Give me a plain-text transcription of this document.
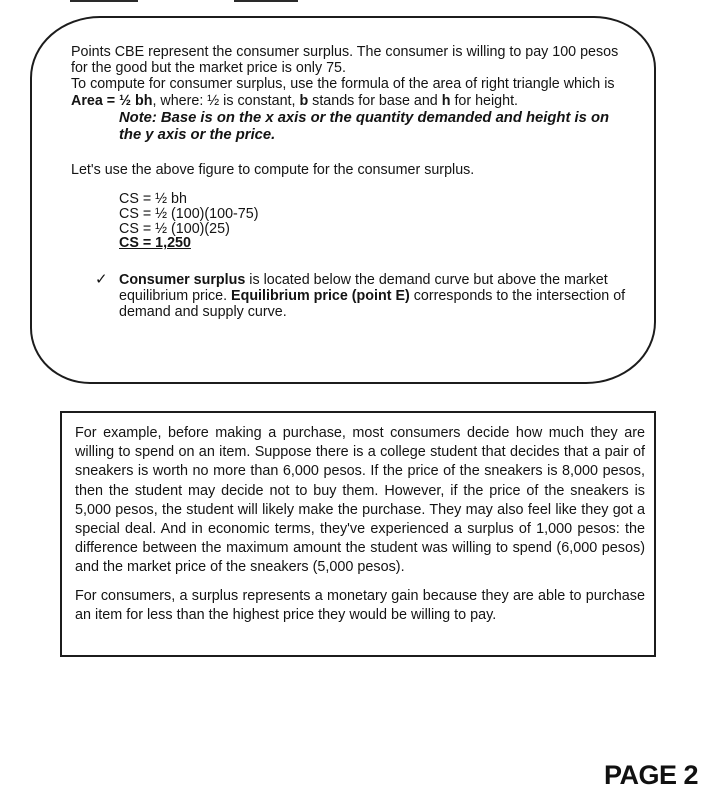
Points CBE represent the consumer surplus. The consumer is willing to pay 100 pesos for the good but the market price is only 75.

To compute for consumer surplus, use the formula of the area of right triangle which is

Area = ½ bh, where: ½ is constant, b stands for base and h for height.

Note: Base is on the x axis or the quantity demanded and height is on the y axis or the price.

Let's use the above figure to compute for the consumer surplus.

CS = ½ bh
CS = ½ (100)(100-75)
CS = ½ (100)(25)
CS = 1,250
✓ Consumer surplus is located below the demand curve but above the market equilibrium price. Equilibrium price (point E) corresponds to the intersection of demand and supply curve.

For example, before making a purchase, most consumers decide how much they are willing to spend on an item. Suppose there is a college student that decides that a pair of sneakers is worth no more than 6,000 pesos. If the price of the sneakers is 8,000 pesos, then the student may decide not to buy them. However, if the price of the sneakers is 5,000 pesos, the student will likely make the purchase. They may also feel like they got a special deal. And in economic terms, they've experienced a surplus of 1,000 pesos: the difference between the maximum amount the student was willing to spend (6,000 pesos) and the market price of the sneakers (5,000 pesos).

For consumers, a surplus represents a monetary gain because they are able to purchase an item for less than the highest price they would be willing to pay.

PAGE 2
